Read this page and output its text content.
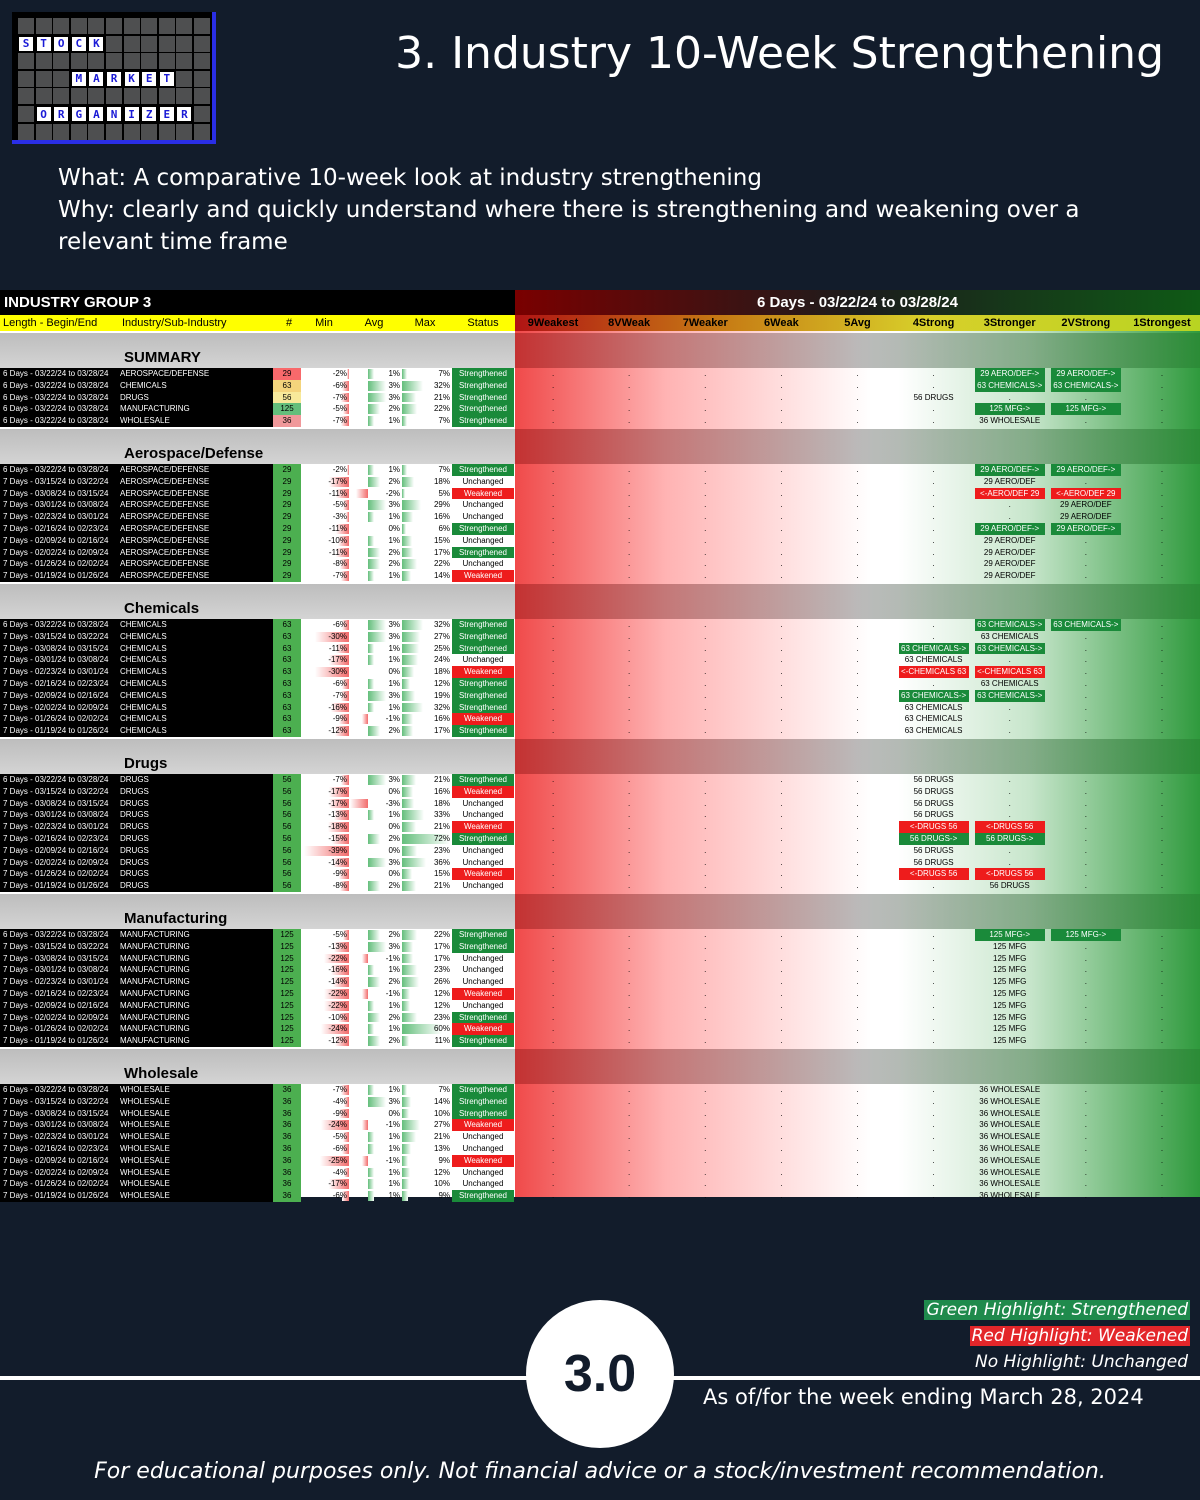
S T O C K
M A R K E T
O R G A N I Z E R
3. Industry 10-Week Strengthening
What: A comparative 10-week look at industry strengthening
Why: clearly and quickly understand where there is strengthening and weakening over a relevant time frame
INDUSTRY GROUP 3	6 Days - 03/22/24 to 03/28/24
Length - Begin/End	Industry/Sub-Industry	#	Min	Avg	Max	Status	9Weakest	8VWeak	7Weaker	6Weak	5Avg	4Strong	3Stronger	2VStrong	1Strongest
SUMMARY
6 Days - 03/22/24 to 03/28/24	AEROSPACE/DEFENSE	29	-2%	1%	7%	Strengthened	.	.	.	.	.	.	29 AERO/DEF->	29 AERO/DEF->	.
6 Days - 03/22/24 to 03/28/24	CHEMICALS	63	-6%	3%	32%	Strengthened	.	.	.	.	.	.	63 CHEMICALS->	63 CHEMICALS->	.
6 Days - 03/22/24 to 03/28/24	DRUGS	56	-7%	3%	21%	Strengthened	.	.	.	.	.	56 DRUGS	.	.	.
6 Days - 03/22/24 to 03/28/24	MANUFACTURING	125	-5%	2%	22%	Strengthened	.	.	.	.	.	.	125 MFG->	125 MFG->	.
6 Days - 03/22/24 to 03/28/24	WHOLESALE	36	-7%	1%	7%	Strengthened	.	.	.	.	.	.	36 WHOLESALE	.	.
Aerospace/Defense
6 Days - 03/22/24 to 03/28/24	AEROSPACE/DEFENSE	29	-2%	1%	7%	Strengthened	.	.	.	.	.	.	29 AERO/DEF->	29 AERO/DEF->	.
7 Days - 03/15/24 to 03/22/24	AEROSPACE/DEFENSE	29	-17%	2%	18%	Unchanged	.	.	.	.	.	.	29 AERO/DEF	.	.
7 Days - 03/08/24 to 03/15/24	AEROSPACE/DEFENSE	29	-11%	-2%	5%	Weakened	.	.	.	.	.	.	<-AERO/DEF 29	<-AERO/DEF 29	.
7 Days - 03/01/24 to 03/08/24	AEROSPACE/DEFENSE	29	-5%	3%	29%	Unchanged	.	.	.	.	.	.	.	29 AERO/DEF	.
7 Days - 02/23/24 to 03/01/24	AEROSPACE/DEFENSE	29	-3%	1%	16%	Unchanged	.	.	.	.	.	.	.	29 AERO/DEF	.
7 Days - 02/16/24 to 02/23/24	AEROSPACE/DEFENSE	29	-11%	0%	6%	Strengthened	.	.	.	.	.	.	29 AERO/DEF->	29 AERO/DEF->	.
7 Days - 02/09/24 to 02/16/24	AEROSPACE/DEFENSE	29	-10%	1%	15%	Unchanged	.	.	.	.	.	.	29 AERO/DEF	.	.
7 Days - 02/02/24 to 02/09/24	AEROSPACE/DEFENSE	29	-11%	2%	17%	Strengthened	.	.	.	.	.	.	29 AERO/DEF	.	.
7 Days - 01/26/24 to 02/02/24	AEROSPACE/DEFENSE	29	-8%	2%	22%	Unchanged	.	.	.	.	.	.	29 AERO/DEF	.	.
7 Days - 01/19/24 to 01/26/24	AEROSPACE/DEFENSE	29	-7%	1%	14%	Weakened	.	.	.	.	.	.	29 AERO/DEF	.	.
Chemicals
6 Days - 03/22/24 to 03/28/24	CHEMICALS	63	-6%	3%	32%	Strengthened	.	.	.	.	.	.	63 CHEMICALS->	63 CHEMICALS->	.
7 Days - 03/15/24 to 03/22/24	CHEMICALS	63	-30%	3%	27%	Strengthened	.	.	.	.	.	.	63 CHEMICALS	.	.
7 Days - 03/08/24 to 03/15/24	CHEMICALS	63	-11%	1%	25%	Strengthened	.	.	.	.	.	63 CHEMICALS->	63 CHEMICALS->	.	.
7 Days - 03/01/24 to 03/08/24	CHEMICALS	63	-17%	1%	24%	Unchanged	.	.	.	.	.	63 CHEMICALS	.	.	.
7 Days - 02/23/24 to 03/01/24	CHEMICALS	63	-30%	0%	18%	Weakened	.	.	.	.	.	<-CHEMICALS 63	<-CHEMICALS 63	.	.
7 Days - 02/16/24 to 02/23/24	CHEMICALS	63	-6%	1%	12%	Strengthened	.	.	.	.	.	.	63 CHEMICALS	.	.
7 Days - 02/09/24 to 02/16/24	CHEMICALS	63	-7%	3%	19%	Strengthened	.	.	.	.	.	63 CHEMICALS->	63 CHEMICALS->	.	.
7 Days - 02/02/24 to 02/09/24	CHEMICALS	63	-16%	1%	32%	Strengthened	.	.	.	.	.	63 CHEMICALS	.	.	.
7 Days - 01/26/24 to 02/02/24	CHEMICALS	63	-9%	-1%	16%	Weakened	.	.	.	.	.	63 CHEMICALS	.	.	.
7 Days - 01/19/24 to 01/26/24	CHEMICALS	63	-12%	2%	17%	Strengthened	.	.	.	.	.	63 CHEMICALS	.	.	.
Drugs
6 Days - 03/22/24 to 03/28/24	DRUGS	56	-7%	3%	21%	Strengthened	.	.	.	.	.	56 DRUGS	.	.	.
7 Days - 03/15/24 to 03/22/24	DRUGS	56	-17%	0%	16%	Weakened	.	.	.	.	.	56 DRUGS	.	.	.
7 Days - 03/08/24 to 03/15/24	DRUGS	56	-17%	-3%	18%	Unchanged	.	.	.	.	.	56 DRUGS	.	.	.
7 Days - 03/01/24 to 03/08/24	DRUGS	56	-13%	1%	33%	Unchanged	.	.	.	.	.	56 DRUGS	.	.	.
7 Days - 02/23/24 to 03/01/24	DRUGS	56	-18%	0%	21%	Weakened	.	.	.	.	.	<-DRUGS 56	<-DRUGS 56	.	.
7 Days - 02/16/24 to 02/23/24	DRUGS	56	-15%	2%	72%	Strengthened	.	.	.	.	.	56 DRUGS->	56 DRUGS->	.	.
7 Days - 02/09/24 to 02/16/24	DRUGS	56	-39%	0%	23%	Unchanged	.	.	.	.	.	56 DRUGS	.	.	.
7 Days - 02/02/24 to 02/09/24	DRUGS	56	-14%	3%	36%	Unchanged	.	.	.	.	.	56 DRUGS	.	.	.
7 Days - 01/26/24 to 02/02/24	DRUGS	56	-9%	0%	15%	Weakened	.	.	.	.	.	<-DRUGS 56	<-DRUGS 56	.	.
7 Days - 01/19/24 to 01/26/24	DRUGS	56	-8%	2%	21%	Unchanged	.	.	.	.	.	.	56 DRUGS	.	.
Manufacturing
6 Days - 03/22/24 to 03/28/24	MANUFACTURING	125	-5%	2%	22%	Strengthened	.	.	.	.	.	.	125 MFG->	125 MFG->	.
7 Days - 03/15/24 to 03/22/24	MANUFACTURING	125	-13%	3%	17%	Strengthened	.	.	.	.	.	.	125 MFG	.	.
7 Days - 03/08/24 to 03/15/24	MANUFACTURING	125	-22%	-1%	17%	Unchanged	.	.	.	.	.	.	125 MFG	.	.
7 Days - 03/01/24 to 03/08/24	MANUFACTURING	125	-16%	1%	23%	Unchanged	.	.	.	.	.	.	125 MFG	.	.
7 Days - 02/23/24 to 03/01/24	MANUFACTURING	125	-14%	2%	26%	Unchanged	.	.	.	.	.	.	125 MFG	.	.
7 Days - 02/16/24 to 02/23/24	MANUFACTURING	125	-22%	-1%	12%	Weakened	.	.	.	.	.	.	125 MFG	.	.
7 Days - 02/09/24 to 02/16/24	MANUFACTURING	125	-22%	1%	12%	Unchanged	.	.	.	.	.	.	125 MFG	.	.
7 Days - 02/02/24 to 02/09/24	MANUFACTURING	125	-10%	2%	23%	Strengthened	.	.	.	.	.	.	125 MFG	.	.
7 Days - 01/26/24 to 02/02/24	MANUFACTURING	125	-24%	1%	60%	Weakened	.	.	.	.	.	.	125 MFG	.	.
7 Days - 01/19/24 to 01/26/24	MANUFACTURING	125	-12%	2%	11%	Strengthened	.	.	.	.	.	.	125 MFG	.	.
Wholesale
6 Days - 03/22/24 to 03/28/24	WHOLESALE	36	-7%	1%	7%	Strengthened	.	.	.	.	.	.	36 WHOLESALE	.	.
7 Days - 03/15/24 to 03/22/24	WHOLESALE	36	-4%	3%	14%	Strengthened	.	.	.	.	.	.	36 WHOLESALE	.	.
7 Days - 03/08/24 to 03/15/24	WHOLESALE	36	-9%	0%	10%	Strengthened	.	.	.	.	.	.	36 WHOLESALE	.	.
7 Days - 03/01/24 to 03/08/24	WHOLESALE	36	-24%	-1%	27%	Weakened	.	.	.	.	.	.	36 WHOLESALE	.	.
7 Days - 02/23/24 to 03/01/24	WHOLESALE	36	-5%	1%	21%	Unchanged	.	.	.	.	.	.	36 WHOLESALE	.	.
7 Days - 02/16/24 to 02/23/24	WHOLESALE	36	-6%	1%	13%	Unchanged	.	.	.	.	.	.	36 WHOLESALE	.	.
7 Days - 02/09/24 to 02/16/24	WHOLESALE	36	-25%	-1%	9%	Weakened	.	.	.	.	.	.	36 WHOLESALE	.	.
7 Days - 02/02/24 to 02/09/24	WHOLESALE	36	-4%	1%	12%	Unchanged	.	.	.	.	.	.	36 WHOLESALE	.	.
7 Days - 01/26/24 to 02/02/24	WHOLESALE	36	-17%	1%	10%	Unchanged	.	.	.	.	.	.	36 WHOLESALE	.	.
7 Days - 01/19/24 to 01/26/24	WHOLESALE	36	-6%	1%	9%	Strengthened	.	.	.	.	.	.	36 WHOLESALE	.	.
Green Highlight: Strengthened
Red Highlight: Weakened
No Highlight: Unchanged
3.0	As of/for the week ending March 28, 2024
For educational purposes only. Not financial advice or a stock/investment recommendation.
